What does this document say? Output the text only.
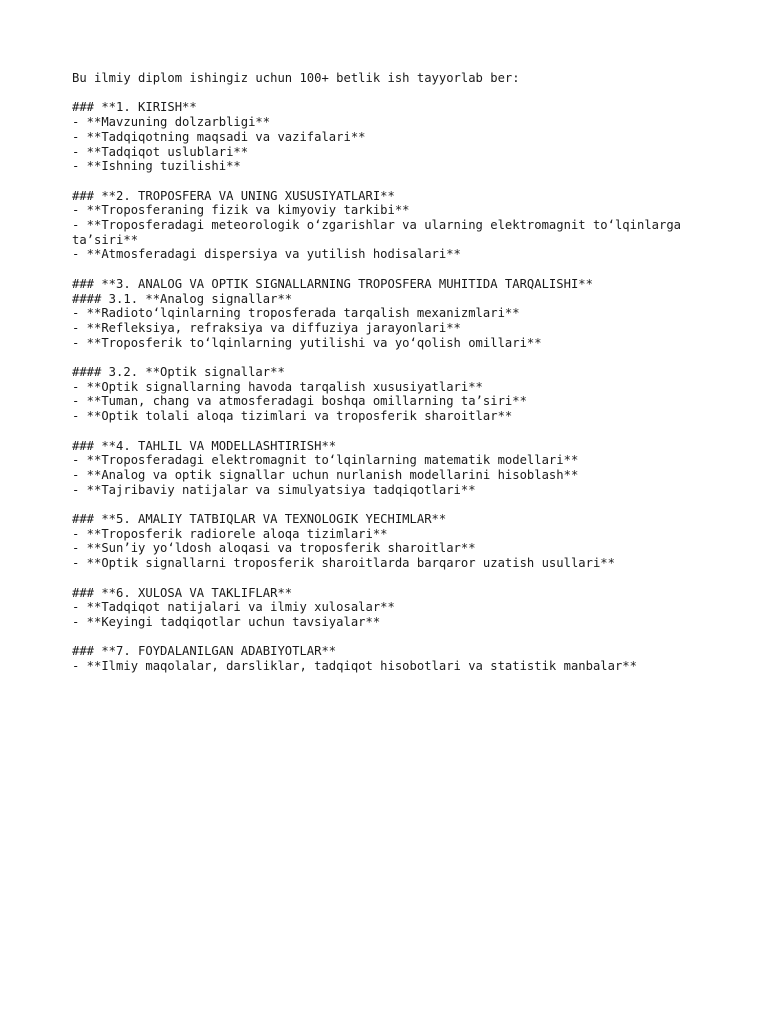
Bu ilmiy diplom ishingiz uchun 100+ betlik ish tayyorlab ber:

### **1. KIRISH**

- **Mavzuning dolzarbligi**

- **Tadqiqotning maqsadi va vazifalari**

- **Tadqiqot uslublari**

- **Ishning tuzilishi**

### **2. TROPOSFERA VA UNING XUSUSIYATLARI**

- **Troposferaning fizik va kimyoviy tarkibi**

- **Troposferadagi meteorologik o‘zgarishlar va ularning elektromagnit to‘lqinlarga

ta’siri**

- **Atmosferadagi dispersiya va yutilish hodisalari**

### **3. ANALOG VA OPTIK SIGNALLARNING TROPOSFERA MUHITIDA TARQALISHI**

#### 3.1. **Analog signallar**

- **Radioto‘lqinlarning troposferada tarqalish mexanizmlari**

- **Refleksiya, refraksiya va diffuziya jarayonlari**

- **Troposferik to‘lqinlarning yutilishi va yo‘qolish omillari**

#### 3.2. **Optik signallar**

- **Optik signallarning havoda tarqalish xususiyatlari**

- **Tuman, chang va atmosferadagi boshqa omillarning ta’siri**

- **Optik tolali aloqa tizimlari va troposferik sharoitlar**

### **4. TAHLIL VA MODELLASHTIRISH**

- **Troposferadagi elektromagnit to‘lqinlarning matematik modellari**

- **Analog va optik signallar uchun nurlanish modellarini hisoblash**

- **Tajribaviy natijalar va simulyatsiya tadqiqotlari**

### **5. AMALIY TATBIQLAR VA TEXNOLOGIK YECHIMLAR**

- **Troposferik radiorele aloqa tizimlari**

- **Sun’iy yo‘ldosh aloqasi va troposferik sharoitlar**

- **Optik signallarni troposferik sharoitlarda barqaror uzatish usullari**

### **6. XULOSA VA TAKLIFLAR**

- **Tadqiqot natijalari va ilmiy xulosalar**

- **Keyingi tadqiqotlar uchun tavsiyalar**

### **7. FOYDALANILGAN ADABIYOTLAR**

- **Ilmiy maqolalar, darsliklar, tadqiqot hisobotlari va statistik manbalar**
